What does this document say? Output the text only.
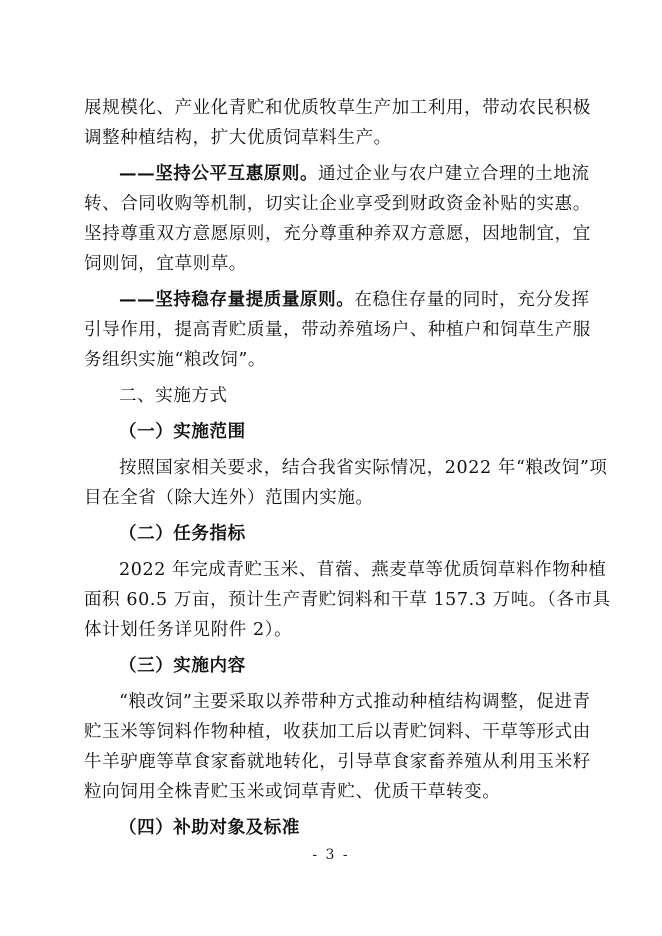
展规模化、产业化青贮和优质牧草生产加工利用，带动农民积极
调整种植结构，扩大优质饲草料生产。
——坚持公平互惠原则。通过企业与农户建立合理的土地流
转、合同收购等机制，切实让企业享受到财政资金补贴的实惠。
坚持尊重双方意愿原则，充分尊重种养双方意愿，因地制宜，宜
饲则饲，宜草则草。
——坚持稳存量提质量原则。在稳住存量的同时，充分发挥
引导作用，提高青贮质量，带动养殖场户、种植户和饲草生产服
务组织实施“粮改饲”。
二、实施方式
（一）实施范围
按照国家相关要求，结合我省实际情况，2022 年“粮改饲”项
目在全省（除大连外）范围内实施。
（二）任务指标
2022 年完成青贮玉米、苜蓿、燕麦草等优质饲草料作物种植
面积 60.5 万亩，预计生产青贮饲料和干草 157.3 万吨。（各市具
体计划任务详见附件 2）。
（三）实施内容
“粮改饲”主要采取以养带种方式推动种植结构调整，促进青
贮玉米等饲料作物种植，收获加工后以青贮饲料、干草等形式由
牛羊驴鹿等草食家畜就地转化，引导草食家畜养殖从利用玉米籽
粒向饲用全株青贮玉米或饲草青贮、优质干草转变。
（四）补助对象及标准
- 3 -
